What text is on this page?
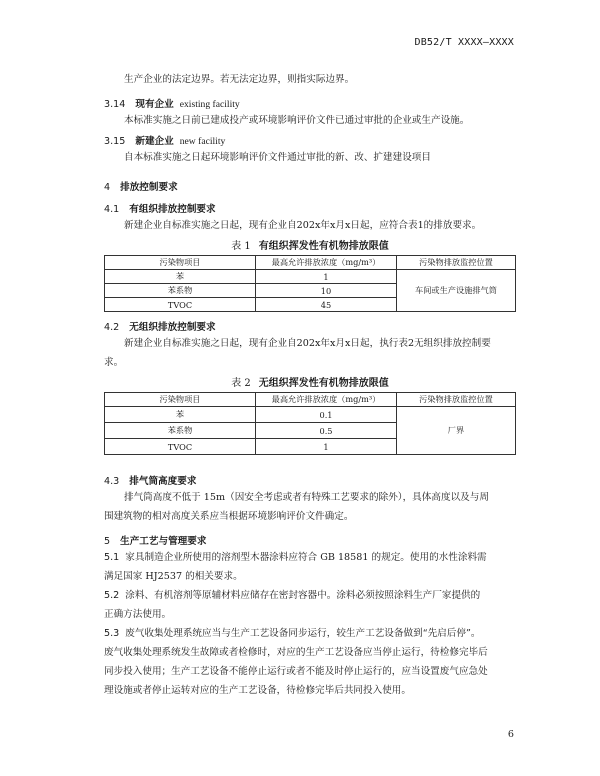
DB52/T XXXX—XXXX
生产企业的法定边界。若无法定边界，则指实际边界。
3.14 现有企业 existing facility
本标准实施之日前已建成投产或环境影响评价文件已通过审批的企业或生产设施。
3.15 新建企业 new facility
自本标准实施之日起环境影响评价文件通过审批的新、改、扩建建设项目
4 排放控制要求
4.1 有组织排放控制要求
新建企业自标准实施之日起，现有企业自202x年x月x日起，应符合表1的排放要求。
表 1 有组织挥发性有机物排放限值
污染物项目	最高允许排放浓度（mg/m³）	污染物排放监控位置
苯	1	车间或生产设施排气筒
苯系物	10	
TVOC	45	
4.2 无组织排放控制要求
新建企业自标准实施之日起，现有企业自202x年x月x日起，执行表2无组织排放控制要
求。
表 2 无组织挥发性有机物排放限值
污染物项目	最高允许排放浓度（mg/m³）	污染物排放监控位置
苯	0.1	厂界
苯系物	0.5	
TVOC	1	
4.3 排气筒高度要求
排气筒高度不低于 15m（因安全考虑或者有特殊工艺要求的除外），具体高度以及与周
围建筑物的相对高度关系应当根据环境影响评价文件确定。
5 生产工艺与管理要求
5.1 家具制造企业所使用的溶剂型木器涂料应符合 GB 18581 的规定。使用的水性涂料需
满足国家 HJ2537 的相关要求。
5.2 涂料、有机溶剂等原辅材料应储存在密封容器中。涂料必须按照涂料生产厂家提供的
正确方法使用。
5.3 废气收集处理系统应当与生产工艺设备同步运行，较生产工艺设备做到“先启后停”。
废气收集处理系统发生故障或者检修时，对应的生产工艺设备应当停止运行，待检修完毕后
同步投入使用；生产工艺设备不能停止运行或者不能及时停止运行的，应当设置废气应急处
理设施或者停止运转对应的生产工艺设备，待检修完毕后共同投入使用。
6
